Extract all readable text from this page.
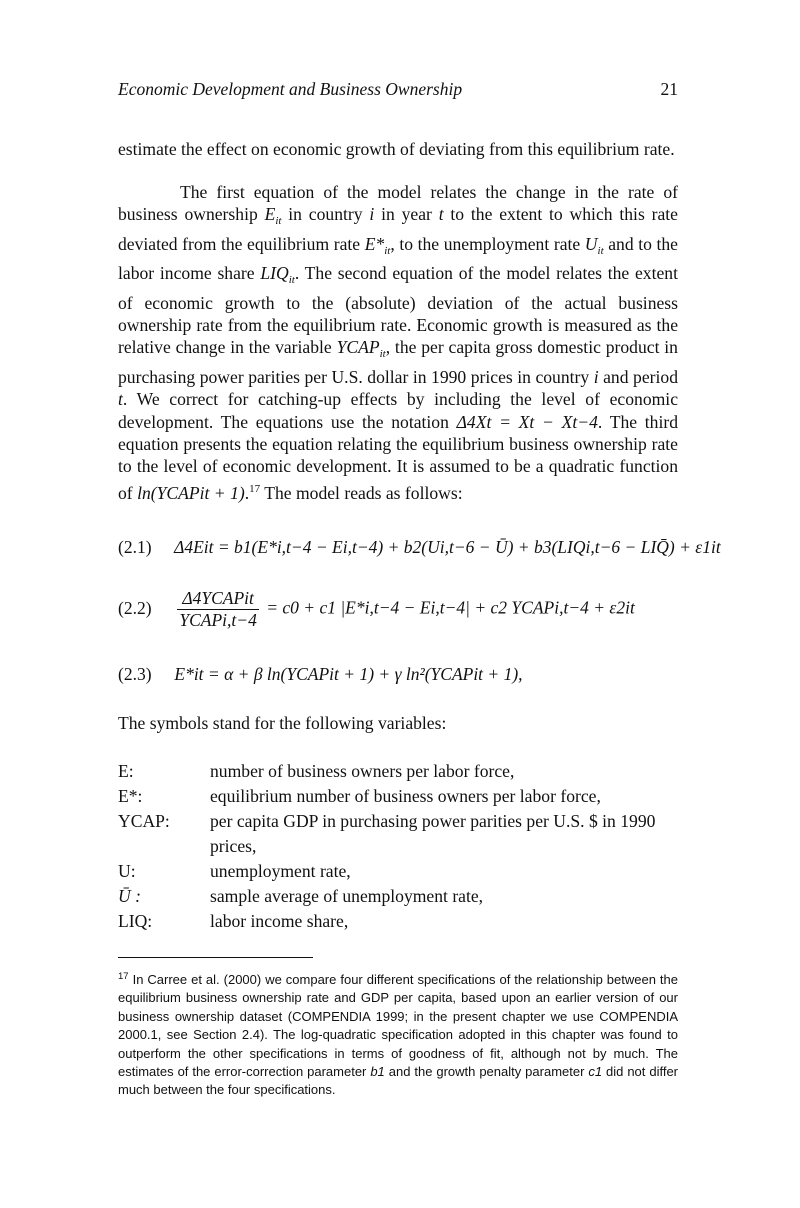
Economic Development and Business Ownership	21
estimate the effect on economic growth of deviating from this equilibrium rate.
The first equation of the model relates the change in the rate of business ownership $E_{it}$ in country i in year t to the extent to which this rate deviated from the equilibrium rate $E*_{it}$, to the unemployment rate $U_{it}$ and to the labor income share $LIQ_{it}$. The second equation of the model relates the extent of economic growth to the (absolute) deviation of the actual business ownership rate from the equilibrium rate. Economic growth is measured as the relative change in the variable $YCAP_{it}$, the per capita gross domestic product in purchasing power parities per U.S. dollar in 1990 prices in country i and period t. We correct for catching-up effects by including the level of economic development. The equations use the notation Δ4Xt = Xt − Xt−4. The third equation presents the equation relating the equilibrium business ownership rate to the level of economic development. It is assumed to be a quadratic function of ln(YCAPit + 1).$^{17}$ The model reads as follows:
(2.1) Δ4Eit = b1(E*i,t−4 − Ei,t−4) + b2(Ui,t−6 − Ū) + b3(LIQi,t−6 − LIQ̄) + ε1it
$(2.2) \frac{\text{Δ4YCAPit}}{\text{YCAPi,t−4}} = c0 + c1$ |E*i,t−4 − Ei,t−4| + c2 YCAPi,t−4 + ε2it
(2.3) E*it = α + β ln(YCAPit + 1) + γ ln²(YCAPit + 1),
The symbols stand for the following variables:
E:	number of business owners per labor force,
E*:	equilibrium number of business owners per labor force,
YCAP:	per capita GDP in purchasing power parities per U.S. $ in 1990 prices,
U:	unemployment rate,
Ū :	sample average of unemployment rate,
LIQ:	labor income share,
$^{17}$ In Carree et al. (2000) we compare four different specifications of the relationship between the equilibrium business ownership rate and GDP per capita, based upon an earlier version of our business ownership dataset (COMPENDIA 1999; in the present chapter we use COMPENDIA 2000.1, see Section 2.4). The log-quadratic specification adopted in this chapter was found to outperform the other specifications in terms of goodness of fit, although not by much. The estimates of the error-correction parameter b1 and the growth penalty parameter c1 did not differ much between the four specifications.
